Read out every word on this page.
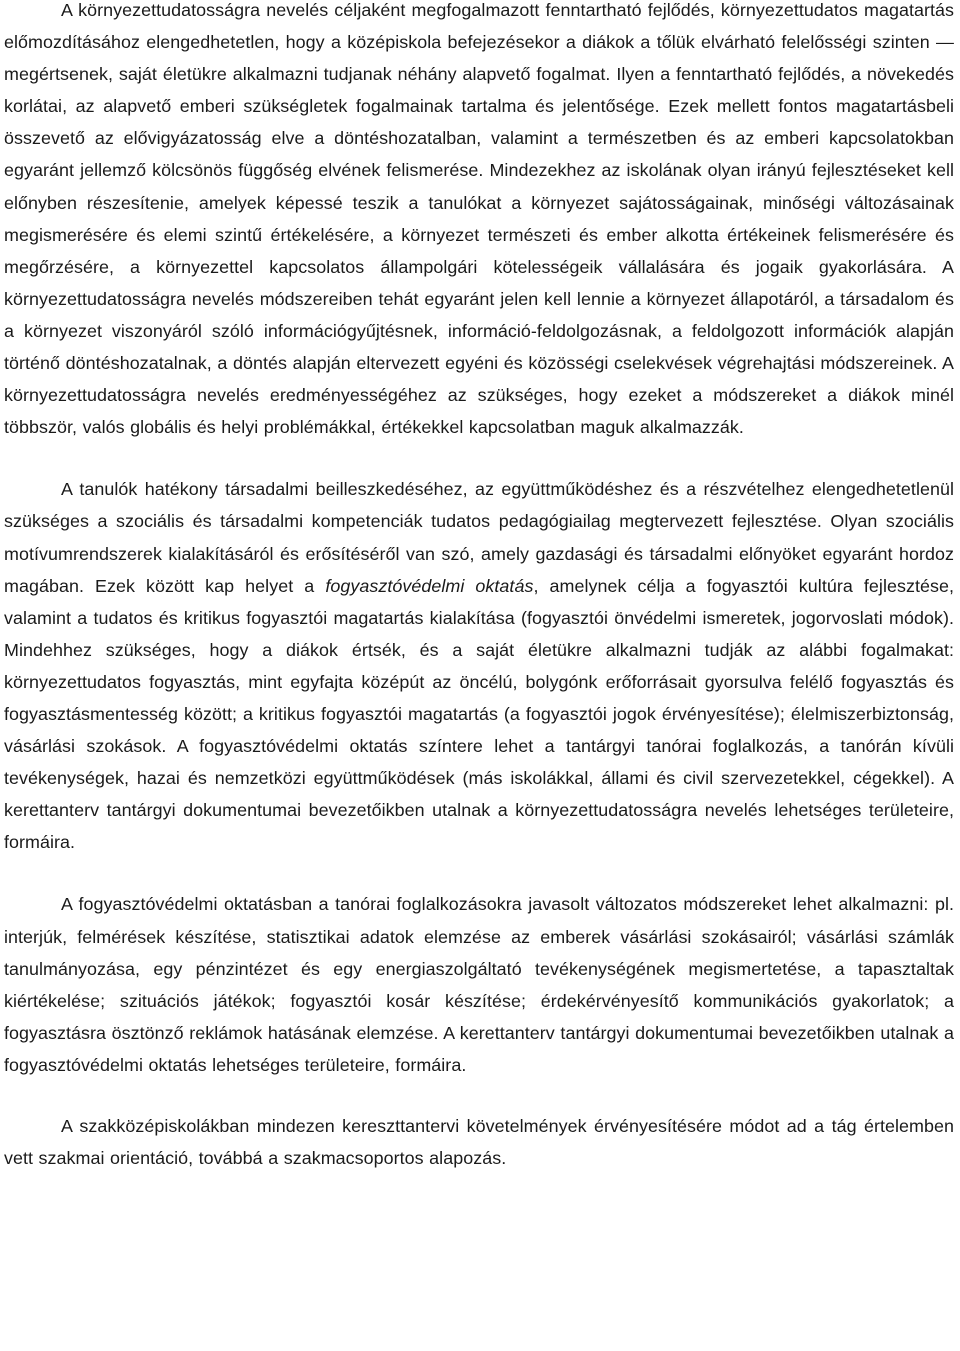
A környezettudatosságra nevelés céljaként megfogalmazott fenntartható fejlődés, környezettudatos magatartás előmozdításához elengedhetetlen, hogy a középiskola befejezésekor a diákok a tőlük elvárható felelősségi szinten — megértsenek, saját életükre alkalmazni tudjanak néhány alapvető fogalmat. Ilyen a fenntartható fejlődés, a növekedés korlátai, az alapvető emberi szükségletek fogalmainak tartalma és jelentősége. Ezek mellett fontos magatartásbeli összevető az elővigyázatosság elve a döntéshozatalban, valamint a természetben és az emberi kapcsolatokban egyaránt jellemző kölcsönös függőség elvének felismerése. Mindezekhez az iskolának olyan irányú fejlesztéseket kell előnyben részesítenie, amelyek képessé teszik a tanulókat a környezet sajátosságainak, minőségi változásainak megismerésére és elemi szintű értékelésére, a környezet természeti és ember alkotta értékeinek felismerésére és megőrzésére, a környezettel kapcsolatos állampolgári kötelességeik vállalására és jogaik gyakorlására. A környezettudatosságra nevelés módszereiben tehát egyaránt jelen kell lennie a környezet állapotáról, a társadalom és a környezet viszonyáról szóló információgyűjtésnek, információ-feldolgozásnak, a feldolgozott információk alapján történő döntéshozatalnak, a döntés alapján eltervezett egyéni és közösségi cselekvések végrehajtási módszereinek. A környezettudatosságra nevelés eredményességéhez az szükséges, hogy ezeket a módszereket a diákok minél többször, valós globális és helyi problémákkal, értékekkel kapcsolatban maguk alkalmazzák.

A tanulók hatékony társadalmi beilleszkedéséhez, az együttműködéshez és a részvételhez elengedhetetlenül szükséges a szociális és társadalmi kompetenciák tudatos pedagógiailag megtervezett fejlesztése. Olyan szociális motívumrendszerek kialakításáról és erősítéséről van szó, amely gazdasági és társadalmi előnyöket egyaránt hordoz magában. Ezek között kap helyet a fogyasztóvédelmi oktatás, amelynek célja a fogyasztói kultúra fejlesztése, valamint a tudatos és kritikus fogyasztói magatartás kialakítása (fogyasztói önvédelmi ismeretek, jogorvoslati módok). Mindehhez szükséges, hogy a diákok értsék, és a saját életükre alkalmazni tudják az alábbi fogalmakat: környezettudatos fogyasztás, mint egyfajta középút az öncélú, bolygónk erőforrásait gyorsulva felélő fogyasztás és fogyasztásmentesség között; a kritikus fogyasztói magatartás (a fogyasztói jogok érvényesítése); élelmiszerbiztonság, vásárlási szokások. A fogyasztóvédelmi oktatás színtere lehet a tantárgyi tanórai foglalkozás, a tanórán kívüli tevékenységek, hazai és nemzetközi együttműködések (más iskolákkal, állami és civil szervezetekkel, cégekkel). A kerettanterv tantárgyi dokumentumai bevezetőikben utalnak a környezettudatosságra nevelés lehetséges területeire, formáira.

A fogyasztóvédelmi oktatásban a tanórai foglalkozásokra javasolt változatos módszereket lehet alkalmazni: pl. interjúk, felmérések készítése, statisztikai adatok elemzése az emberek vásárlási szokásairól; vásárlási számlák tanulmányozása, egy pénzintézet és egy energiaszolgáltató tevékenységének megismertetése, a tapasztaltak kiértékelése; szituációs játékok; fogyasztói kosár készítése; érdekérvényesítő kommunikációs gyakorlatok; a fogyasztásra ösztönző reklámok hatásának elemzése. A kerettanterv tantárgyi dokumentumai bevezetőikben utalnak a fogyasztóvédelmi oktatás lehetséges területeire, formáira.

A szakközépiskolákban mindezen kereszttantervi követelmények érvényesítésére módot ad a tág értelemben vett szakmai orientáció, továbbá a szakmacsoportos alapozás.
